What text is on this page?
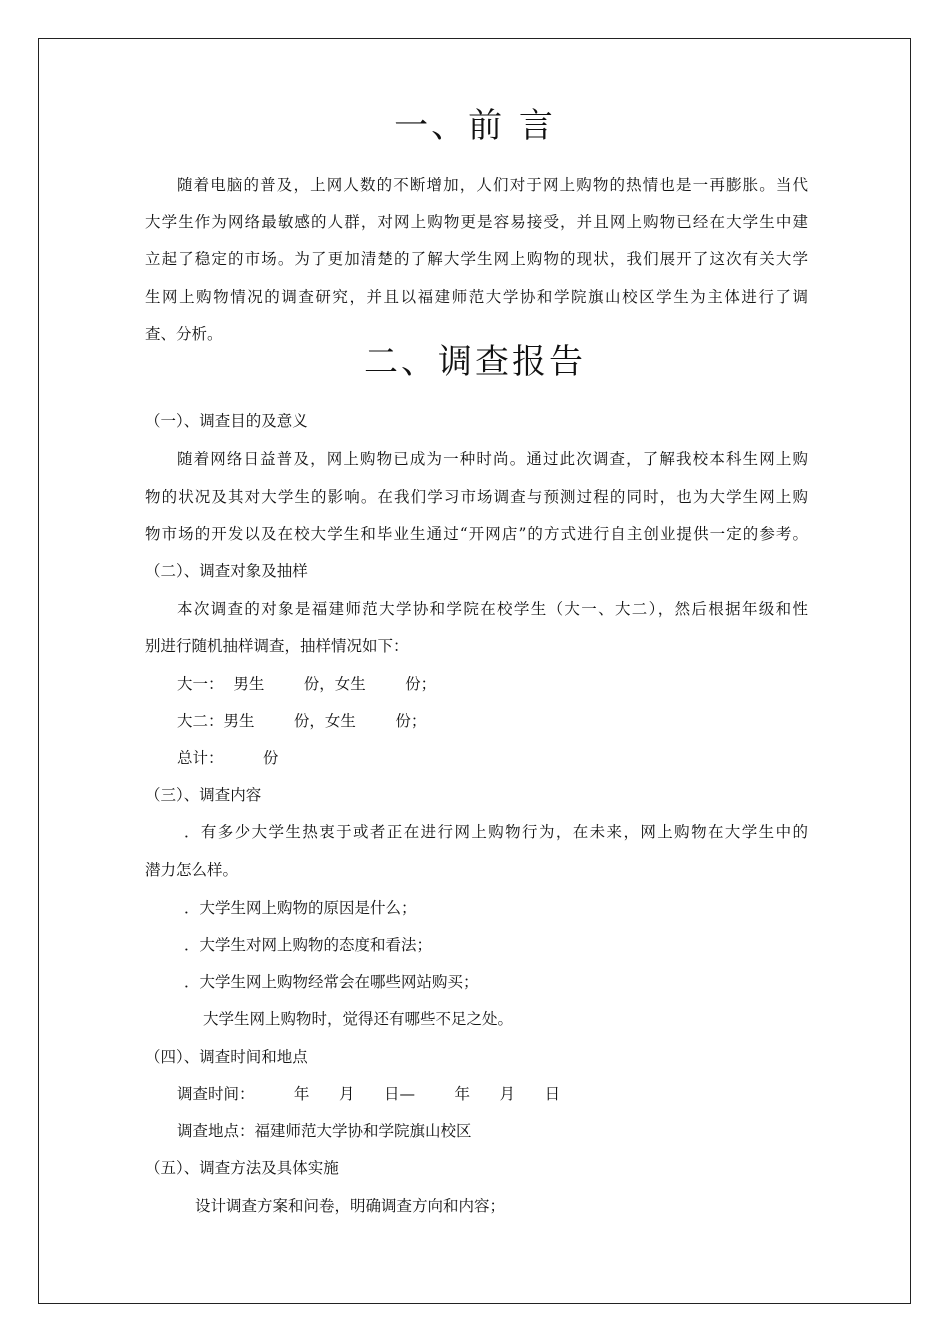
一、前 言
随着电脑的普及，上网人数的不断增加，人们对于网上购物的热情也是一再膨胀。当代
大学生作为网络最敏感的人群，对网上购物更是容易接受，并且网上购物已经在大学生中建
立起了稳定的市场。为了更加清楚的了解大学生网上购物的现状，我们展开了这次有关大学
生网上购物情况的调查研究，并且以福建师范大学协和学院旗山校区学生为主体进行了调
查、分析。
二、调查报告
（一）、调查目的及意义
随着网络日益普及，网上购物已成为一种时尚。通过此次调查，了解我校本科生网上购
物的状况及其对大学生的影响。在我们学习市场调查与预测过程的同时，也为大学生网上购
物市场的开发以及在校大学生和毕业生通过“开网店”的方式进行自主创业提供一定的参考。
（二）、调查对象及抽样
本次调查的对象是福建师范大学协和学院在校学生（大一、大二），然后根据年级和性
别进行随机抽样调查，抽样情况如下：
大一：  男生        份，女生        份；
大二：男生        份，女生        份；
总计：        份
（三）、调查内容
．有多少大学生热衷于或者正在进行网上购物行为，在未来，网上购物在大学生中的
潜力怎么样。
．大学生网上购物的原因是什么；
．大学生对网上购物的态度和看法；
．大学生网上购物经常会在哪些网站购买；
大学生网上购物时，觉得还有哪些不足之处。
（四）、调查时间和地点
调查时间：        年      月      日—        年      月      日
调查地点：福建师范大学协和学院旗山校区
（五）、调查方法及具体实施
设计调查方案和问卷，明确调查方向和内容；
